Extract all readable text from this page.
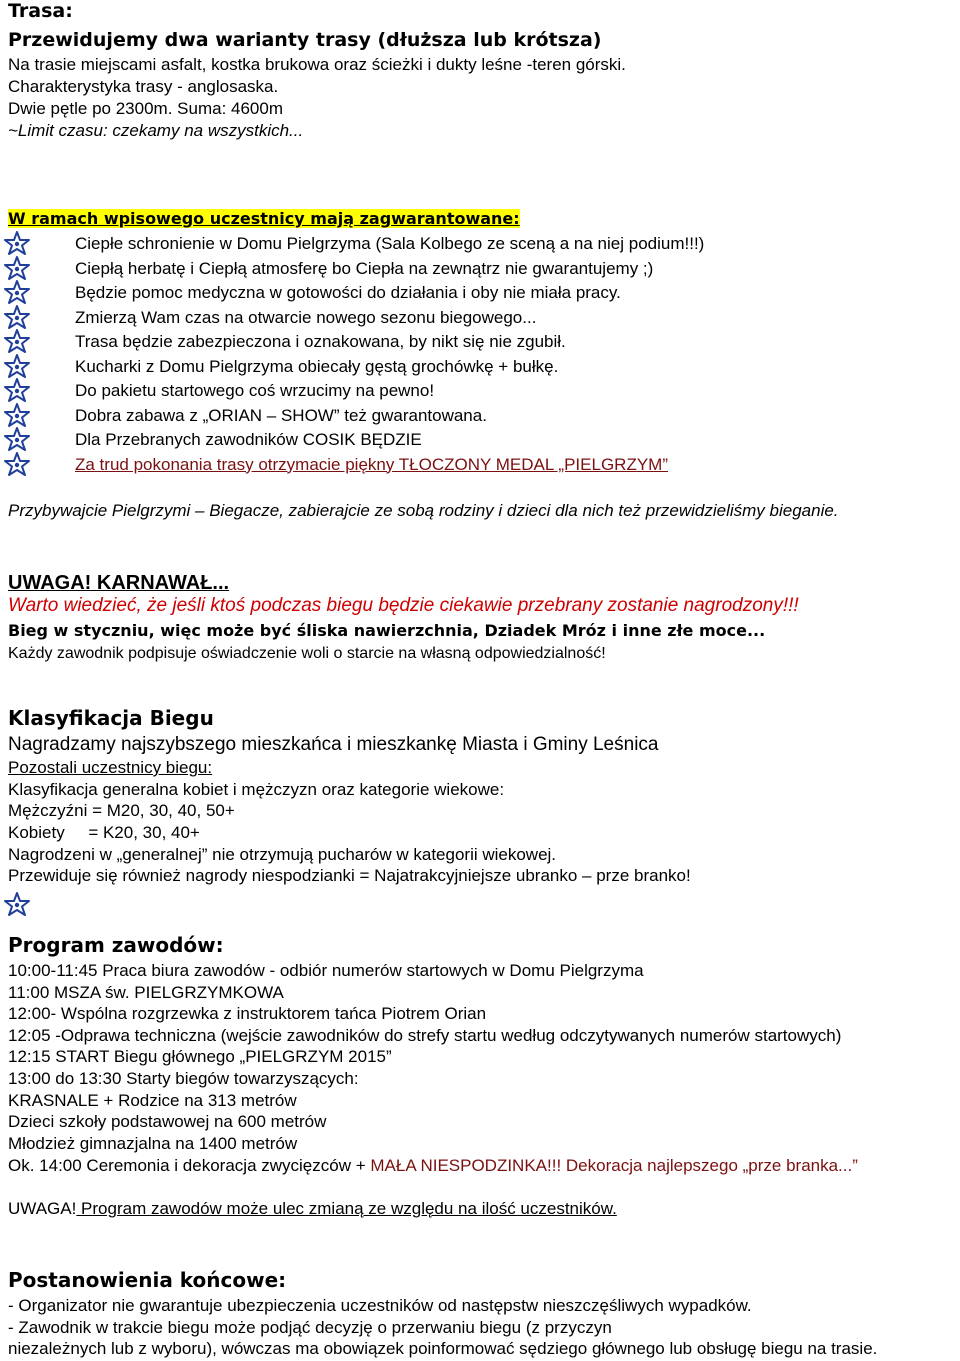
Trasa:
Przewidujemy dwa warianty trasy (dłuższa lub krótsza)
Na trasie miejscami asfalt, kostka brukowa oraz ścieżki i dukty leśne -teren górski.
Charakterystyka trasy - anglosaska.
Dwie pętle po 2300m. Suma: 4600m
~Limit czasu: czekamy na wszystkich...
W ramach wpisowego uczestnicy mają zagwarantowane:
Ciepłe schronienie w Domu Pielgrzyma (Sala Kolbego ze sceną a na niej podium!!!)
Ciepłą herbatę i Ciepłą atmosferę bo Ciepła na zewnątrz nie gwarantujemy ;)
Będzie pomoc medyczna w gotowości do działania i oby nie miała pracy.
Zmierzą Wam czas na otwarcie nowego sezonu biegowego...
Trasa będzie zabezpieczona i oznakowana, by nikt się nie zgubił.
Kucharki z Domu Pielgrzyma obiecały gęstą grochówkę + bułkę.
Do pakietu startowego coś wrzucimy na pewno!
Dobra zabawa z „ORIAN – SHOW” też gwarantowana.
Dla Przebranych zawodników COSIK BĘDZIE
Za trud pokonania trasy otrzymacie piękny TŁOCZONY MEDAL „PIELGRZYM”
Przybywajcie Pielgrzymi – Biegacze, zabierajcie ze sobą rodziny i dzieci dla nich też przewidzieliśmy bieganie.
UWAGA! KARNAWAŁ...
Warto wiedzieć, że jeśli ktoś podczas biegu będzie ciekawie przebrany zostanie nagrodzony!!!
Bieg w styczniu, więc może być śliska nawierzchnia, Dziadek Mróz i inne złe moce...
Każdy zawodnik podpisuje oświadczenie woli o starcie na własną odpowiedzialność!
Klasyfikacja Biegu
Nagradzamy najszybszego mieszkańca i mieszkankę Miasta i Gminy Leśnica
Pozostali uczestnicy biegu:
Klasyfikacja generalna kobiet i mężczyzn oraz kategorie wiekowe:
Mężczyźni = M20, 30, 40, 50+
Kobiety     = K20, 30, 40+
Nagrodzeni w „generalnej” nie otrzymują pucharów w kategorii wiekowej.
Przewiduje się również nagrody niespodzianki = Najatrakcyjniejsze ubranko – prze branko!
Program zawodów:
10:00-11:45 Praca biura zawodów - odbiór numerów startowych w Domu Pielgrzyma
11:00 MSZA św. PIELGRZYMKOWA
12:00- Wspólna rozgrzewka z instruktorem tańca Piotrem Orian
12:05 -Odprawa techniczna (wejście zawodników do strefy startu według odczytywanych numerów startowych)
12:15 START Biegu głównego „PIELGRZYM 2015”
13:00 do 13:30 Starty biegów towarzyszących:
KRASNALE + Rodzice na 313 metrów
Dzieci szkoły podstawowej na 600 metrów
Młodzież gimnazjalna na 1400 metrów
Ok. 14:00 Ceremonia i dekoracja zwycięzców + MAŁA NIESPODZINKA!!! Dekoracja najlepszego „prze branka...”
UWAGA! Program zawodów może ulec zmianą ze względu na ilość uczestników.
Postanowienia końcowe:
- Organizator nie gwarantuje ubezpieczenia uczestników od następstw nieszczęśliwych wypadków.
- Zawodnik w trakcie biegu może podjąć decyzję o przerwaniu biegu (z przyczyn
niezależnych lub z wyboru), wówczas ma obowiązek poinformować sędziego głównego lub obsługę biegu na trasie.
